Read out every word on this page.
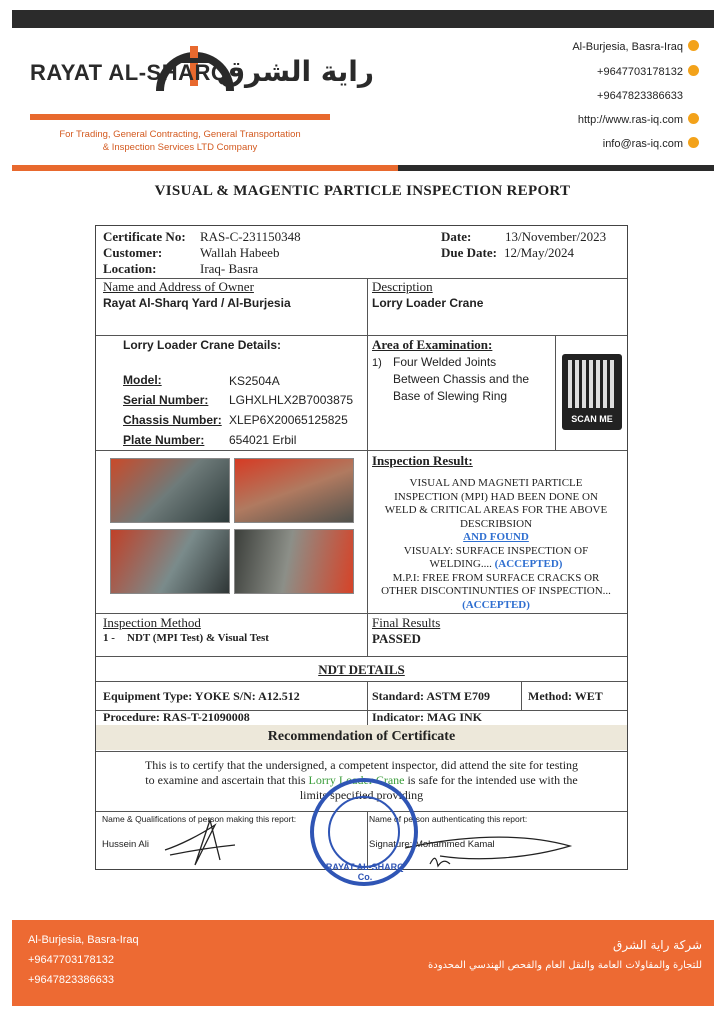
RAYAT AL-SHARQ
راية الشرق
For Trading, General Contracting, General Transportation
& Inspection Services LTD Company
Al-Burjesia, Basra-Iraq
+9647703178132
+9647823386633
http://www.ras-iq.com
info@ras-iq.com
VISUAL & MAGENTIC PARTICLE INSPECTION REPORT
Certificate No: RAS-C-231150348	Date:	13/November/2023
Customer:	Wallah Habeeb	Due Date: 12/May/2024
Location:	Iraq- Basra
Name and Address of Owner
Rayat Al-Sharq Yard / Al-Burjesia
Description
Lorry Loader Crane
Lorry Loader Crane Details:
Model:	KS2504A
Serial Number: LGHXLHLX2B7003875
Chassis Number: XLEP6X20065125825
Plate Number: 654021 Erbil
Area of Examination:
1) Four Welded Joints
Between Chassis and the
Base of Slewing Ring
SCAN ME
Inspection Result:
VISUAL AND MAGNETI PARTICLE
INSPECTION (MPI) HAD BEEN DONE ON
WELD & CRITICAL AREAS FOR THE ABOVE
DESCRIBSION
AND FOUND
VISUALY: SURFACE INSPECTION OF
WELDING.... (ACCEPTED)
M.P.I: FREE FROM SURFACE CRACKS OR
OTHER DISCONTINUNTIES OF INSPECTION...
(ACCEPTED)
Inspection Method
1 - NDT (MPI Test) & Visual Test
Final Results
PASSED
NDT DETAILS
Equipment Type: YOKE S/N: A12.512	Standard: ASTM E709	Method: WET
Procedure: RAS-T-21090008	Indicator: MAG INK
Recommendation of Certificate
This is to certify that the undersigned, a competent inspector, did attend the site for testing
to examine and ascertain that this Lorry Loader Crane is safe for the intended use with the
limits specified providing
Name & Qualifications of person making this report:
Hussein Ali
Name of person authenticating this report:
Signature: Mohammed Kamal
RAYAT AL-SHARQ Co.
Al-Burjesia, Basra-Iraq
+9647703178132
+9647823386633
شركة راية الشرق
للتجارة والمقاولات العامة والنقل العام والفحص الهندسي المحدودة
